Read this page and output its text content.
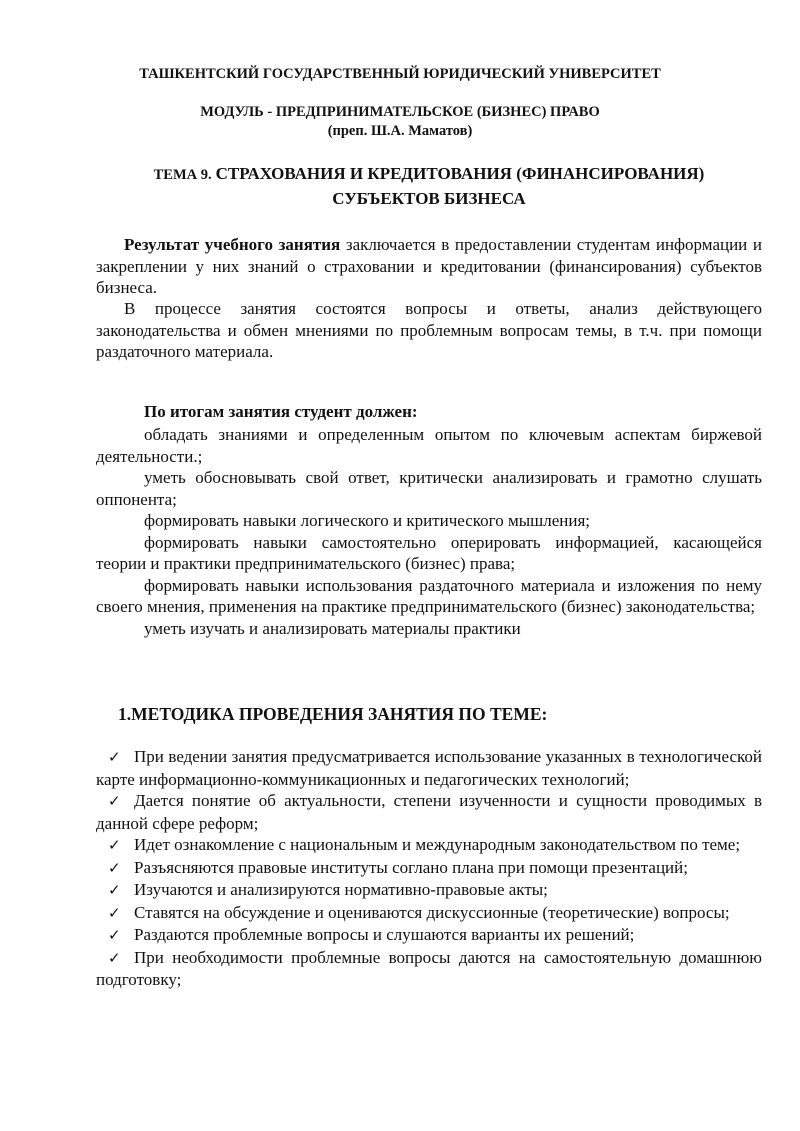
ТАШКЕНТСКИЙ ГОСУДАРСТВЕННЫЙ ЮРИДИЧЕСКИЙ УНИВЕРСИТЕТ
МОДУЛЬ - ПРЕДПРИНИМАТЕЛЬСКОЕ (БИЗНЕС) ПРАВО
(преп. Ш.А. Маматов)
ТЕМА 9. СТРАХОВАНИЯ И КРЕДИТОВАНИЯ (ФИНАНСИРОВАНИЯ)
СУБЪЕКТОВ БИЗНЕСА
Результат учебного занятия заключается в предоставлении студентам информации и закреплении у них знаний о страховании и кредитовании (финансирования) субъектов бизнеса.
В процессе занятия состоятся вопросы и ответы, анализ действующего законодательства и обмен мнениями по проблемным вопросам темы, в т.ч. при помощи раздаточного материала.
По итогам занятия студент должен:

обладать знаниями и определенным опытом по ключевым аспектам биржевой деятельности.;

уметь обосновывать свой ответ, критически анализировать и грамотно слушать оппонента;

формировать навыки логического и критического мышления;

формировать навыки самостоятельно оперировать информацией, касающейся теории и практики предпринимательского (бизнес) права;

формировать навыки использования раздаточного материала и изложения по нему своего мнения, применения на практике предпринимательского (бизнес) законодательства;

уметь изучать и анализировать материалы практики

1.МЕТОДИКА ПРОВЕДЕНИЯ ЗАНЯТИЯ ПО ТЕМЕ:

✓ При ведении занятия предусматривается использование указанных в технологической карте информационно-коммуникационных и педагогических технологий;

✓ Дается понятие об актуальности, степени изученности и сущности проводимых в данной сфере реформ;

✓ Идет ознакомление с национальным и международным законодательством по теме;

✓ Разъясняются правовые институты согланo плана при помощи презентаций;

✓ Изучаются и анализируются нормативно-правовые акты;

✓ Ставятся на обсуждение и оцениваются дискуссионные (теоретические) вопросы;

✓ Раздаются проблемные вопросы и слушаются варианты их решений;

✓ При необходимости проблемные вопросы даются на самостоятельную домашнюю подготовку;
